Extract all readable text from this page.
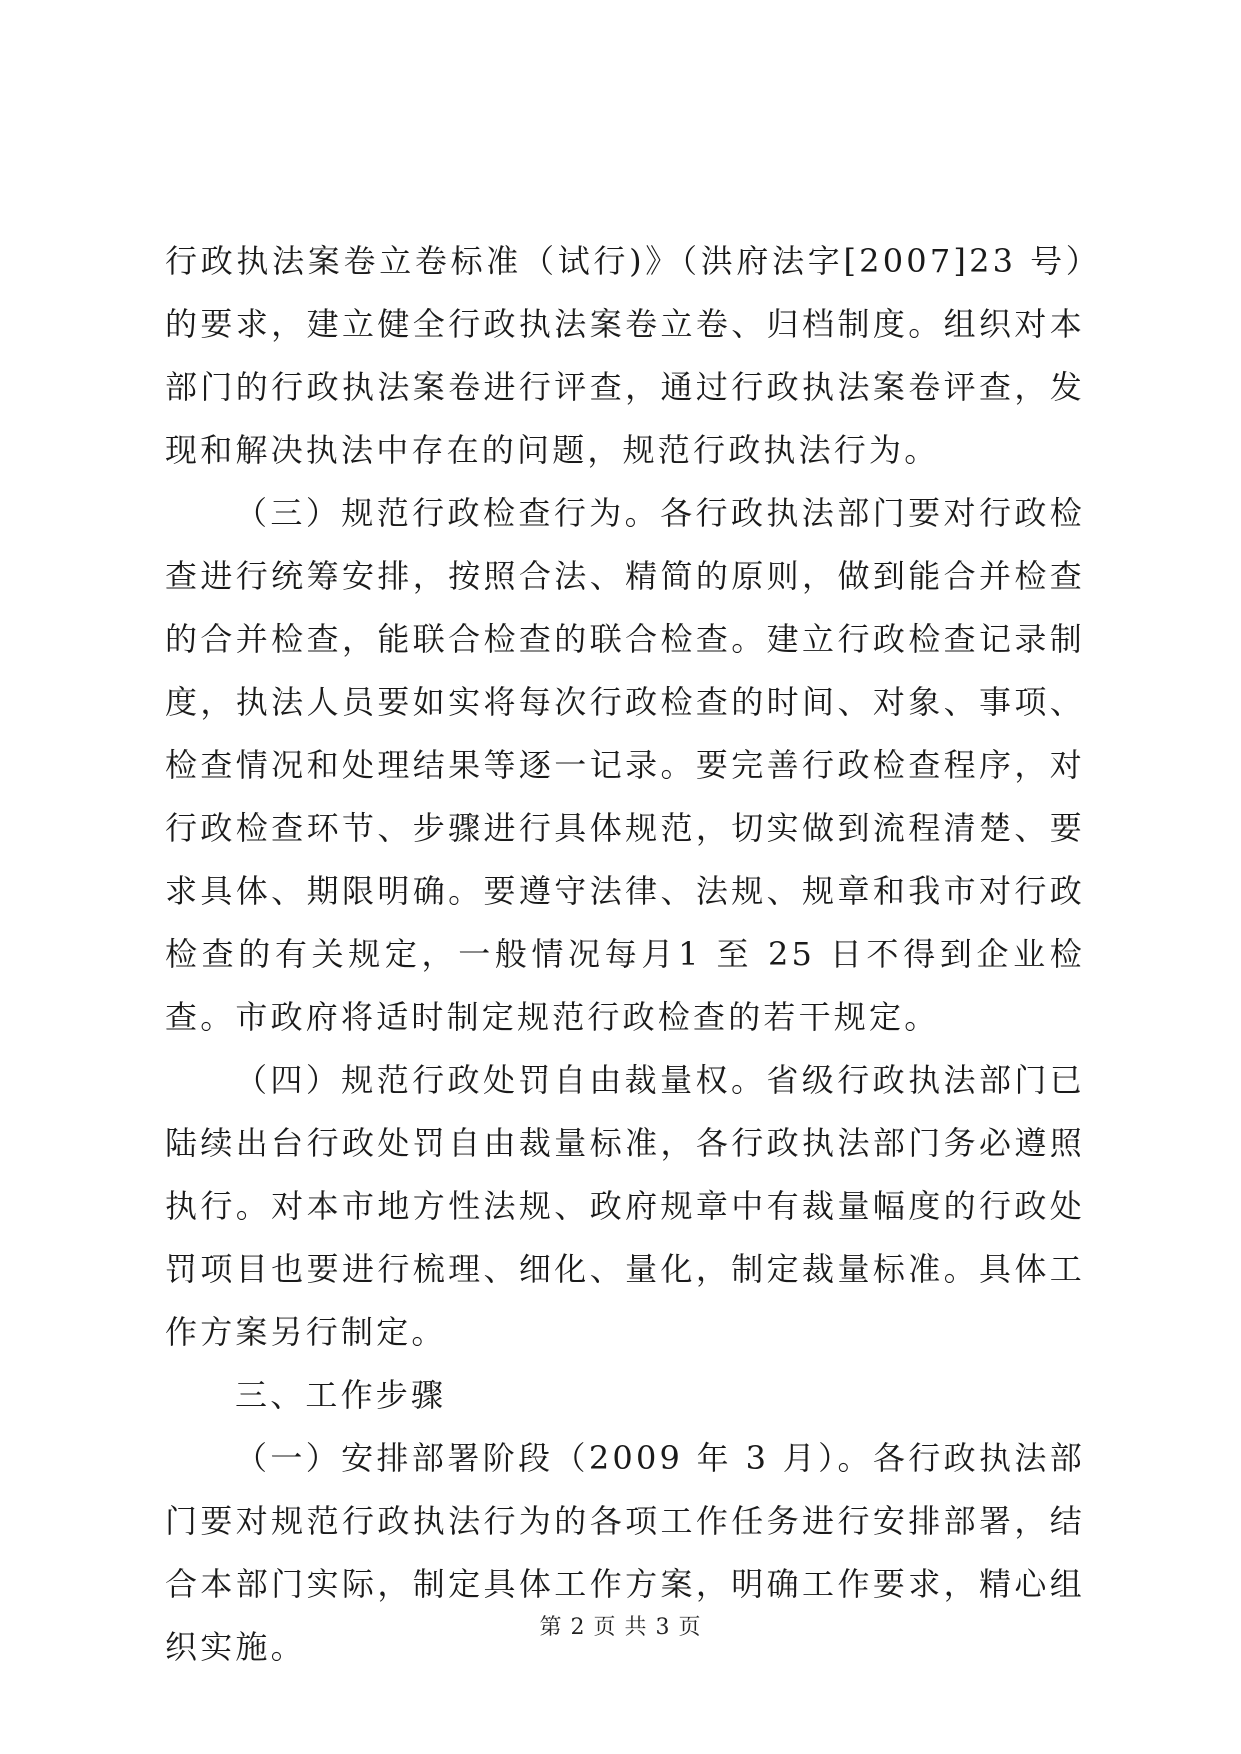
行政执法案卷立卷标准（试行)》（洪府法字[2007]23 号）的要求，建立健全行政执法案卷立卷、归档制度。组织对本部门的行政执法案卷进行评查，通过行政执法案卷评查，发现和解决执法中存在的问题，规范行政执法行为。

（三）规范行政检查行为。各行政执法部门要对行政检查进行统筹安排，按照合法、精简的原则，做到能合并检查的合并检查，能联合检查的联合检查。建立行政检查记录制度，执法人员要如实将每次行政检查的时间、对象、事项、检查情况和处理结果等逐一记录。要完善行政检查程序，对行政检查环节、步骤进行具体规范，切实做到流程清楚、要求具体、期限明确。要遵守法律、法规、规章和我市对行政检查的有关规定，一般情况每月1 至 25 日不得到企业检查。市政府将适时制定规范行政检查的若干规定。

（四）规范行政处罚自由裁量权。省级行政执法部门已陆续出台行政处罚自由裁量标准，各行政执法部门务必遵照执行。对本市地方性法规、政府规章中有裁量幅度的行政处罚项目也要进行梳理、细化、量化，制定裁量标准。具体工作方案另行制定。

三、工作步骤

（一）安排部署阶段（2009 年 3 月）。各行政执法部门要对规范行政执法行为的各项工作任务进行安排部署，结合本部门实际，制定具体工作方案，明确工作要求，精心组织实施。

第 2 页 共 3 页
